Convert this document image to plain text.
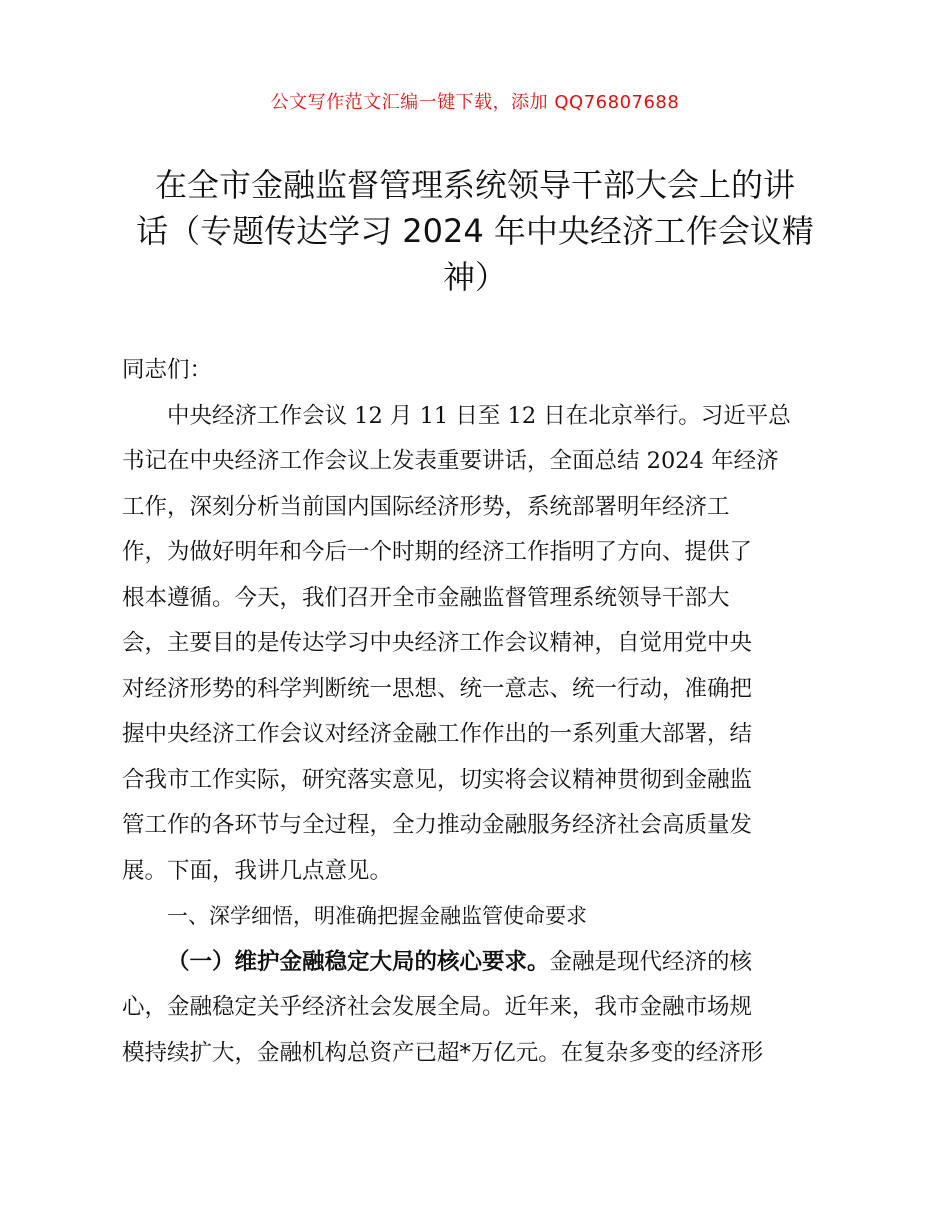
公文写作范文汇编一键下载，添加 QQ76807688
在全市金融监督管理系统领导干部大会上的讲
话（专题传达学习 2024 年中央经济工作会议精
神）
同志们：
中央经济工作会议 12 月 11 日至 12 日在北京举行。习近平总
书记在中央经济工作会议上发表重要讲话，全面总结 2024 年经济
工作，深刻分析当前国内国际经济形势，系统部署明年经济工
作，为做好明年和今后一个时期的经济工作指明了方向、提供了
根本遵循。今天，我们召开全市金融监督管理系统领导干部大
会，主要目的是传达学习中央经济工作会议精神，自觉用党中央
对经济形势的科学判断统一思想、统一意志、统一行动，准确把
握中央经济工作会议对经济金融工作作出的一系列重大部署，结
合我市工作实际，研究落实意见，切实将会议精神贯彻到金融监
管工作的各环节与全过程，全力推动金融服务经济社会高质量发
展。下面，我讲几点意见。
一、深学细悟，明准确把握金融监管使命要求
（一）维护金融稳定大局的核心要求。金融是现代经济的核
心，金融稳定关乎经济社会发展全局。近年来，我市金融市场规
模持续扩大，金融机构总资产已超*万亿元。在复杂多变的经济形
